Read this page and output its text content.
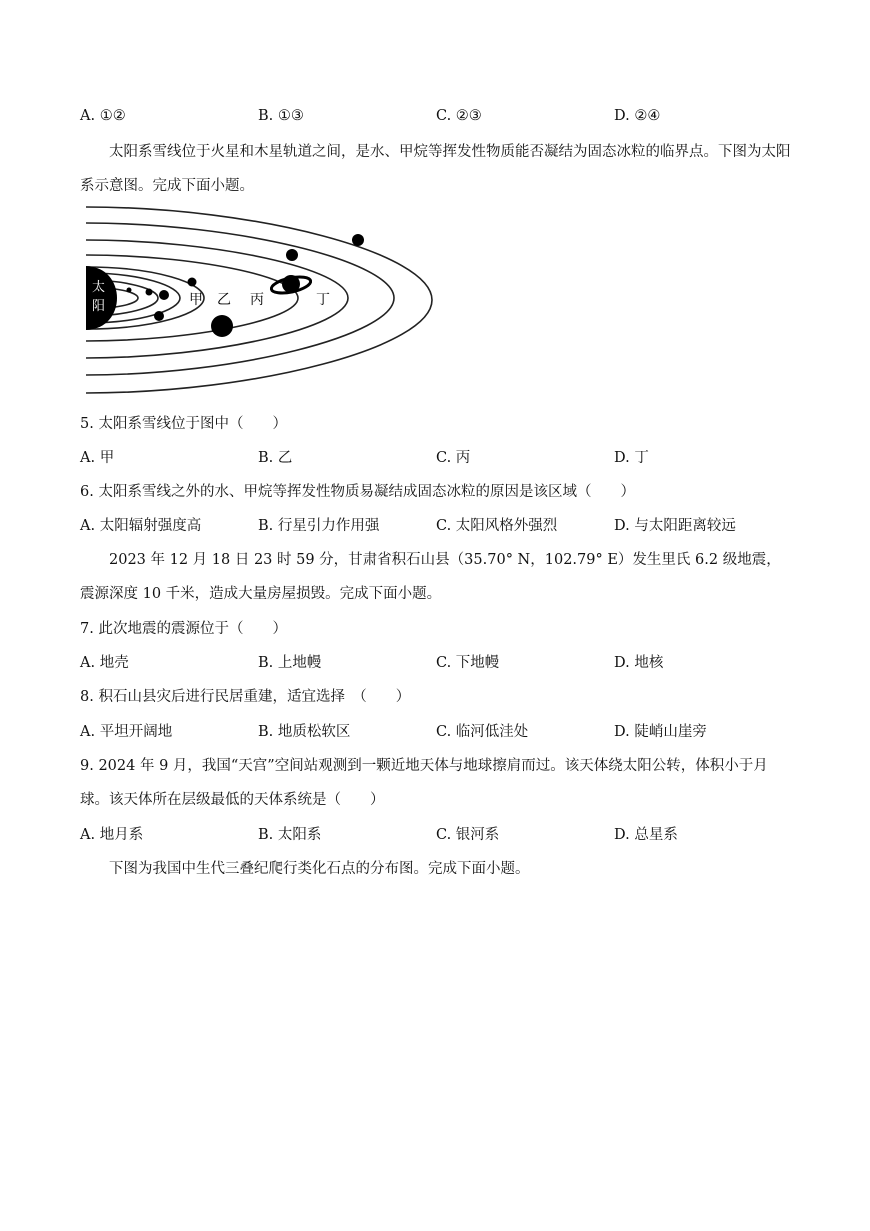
A. ①②	B. ①③	C. ②③	D. ②④

太阳系雪线位于火星和木星轨道之间，是水、甲烷等挥发性物质能否凝结为固态冰粒的临界点。下图为太阳系示意图。完成下面小题。

太
阳	甲 乙 丙	丁
5. 太阳系雪线位于图中（　　）
A. 甲	B. 乙	C. 丙	D. 丁
6. 太阳系雪线之外的水、甲烷等挥发性物质易凝结成固态冰粒的原因是该区域（　　）
A. 太阳辐射强度高	B. 行星引力作用强	C. 太阳风格外强烈	D. 与太阳距离较远

2023 年 12 月 18 日 23 时 59 分，甘肃省积石山县（35.70° N，102.79° E）发生里氏 6.2 级地震，震源深度 10 千米，造成大量房屋损毁。完成下面小题。

7. 此次地震的震源位于（　　）
A. 地壳	B. 上地幔	C. 下地幔	D. 地核
8. 积石山县灾后进行民居重建，适宜选择　（　　）
A. 平坦开阔地	B. 地质松软区	C. 临河低洼处	D. 陡峭山崖旁

9. 2024 年 9 月，我国“天宫”空间站观测到一颗近地天体与地球擦肩而过。该天体绕太阳公转，体积小于月球。该天体所在层级最低的天体系统是（　　）

A. 地月系	B. 太阳系	C. 银河系	D. 总星系

下图为我国中生代三叠纪爬行类化石点的分布图。完成下面小题。
